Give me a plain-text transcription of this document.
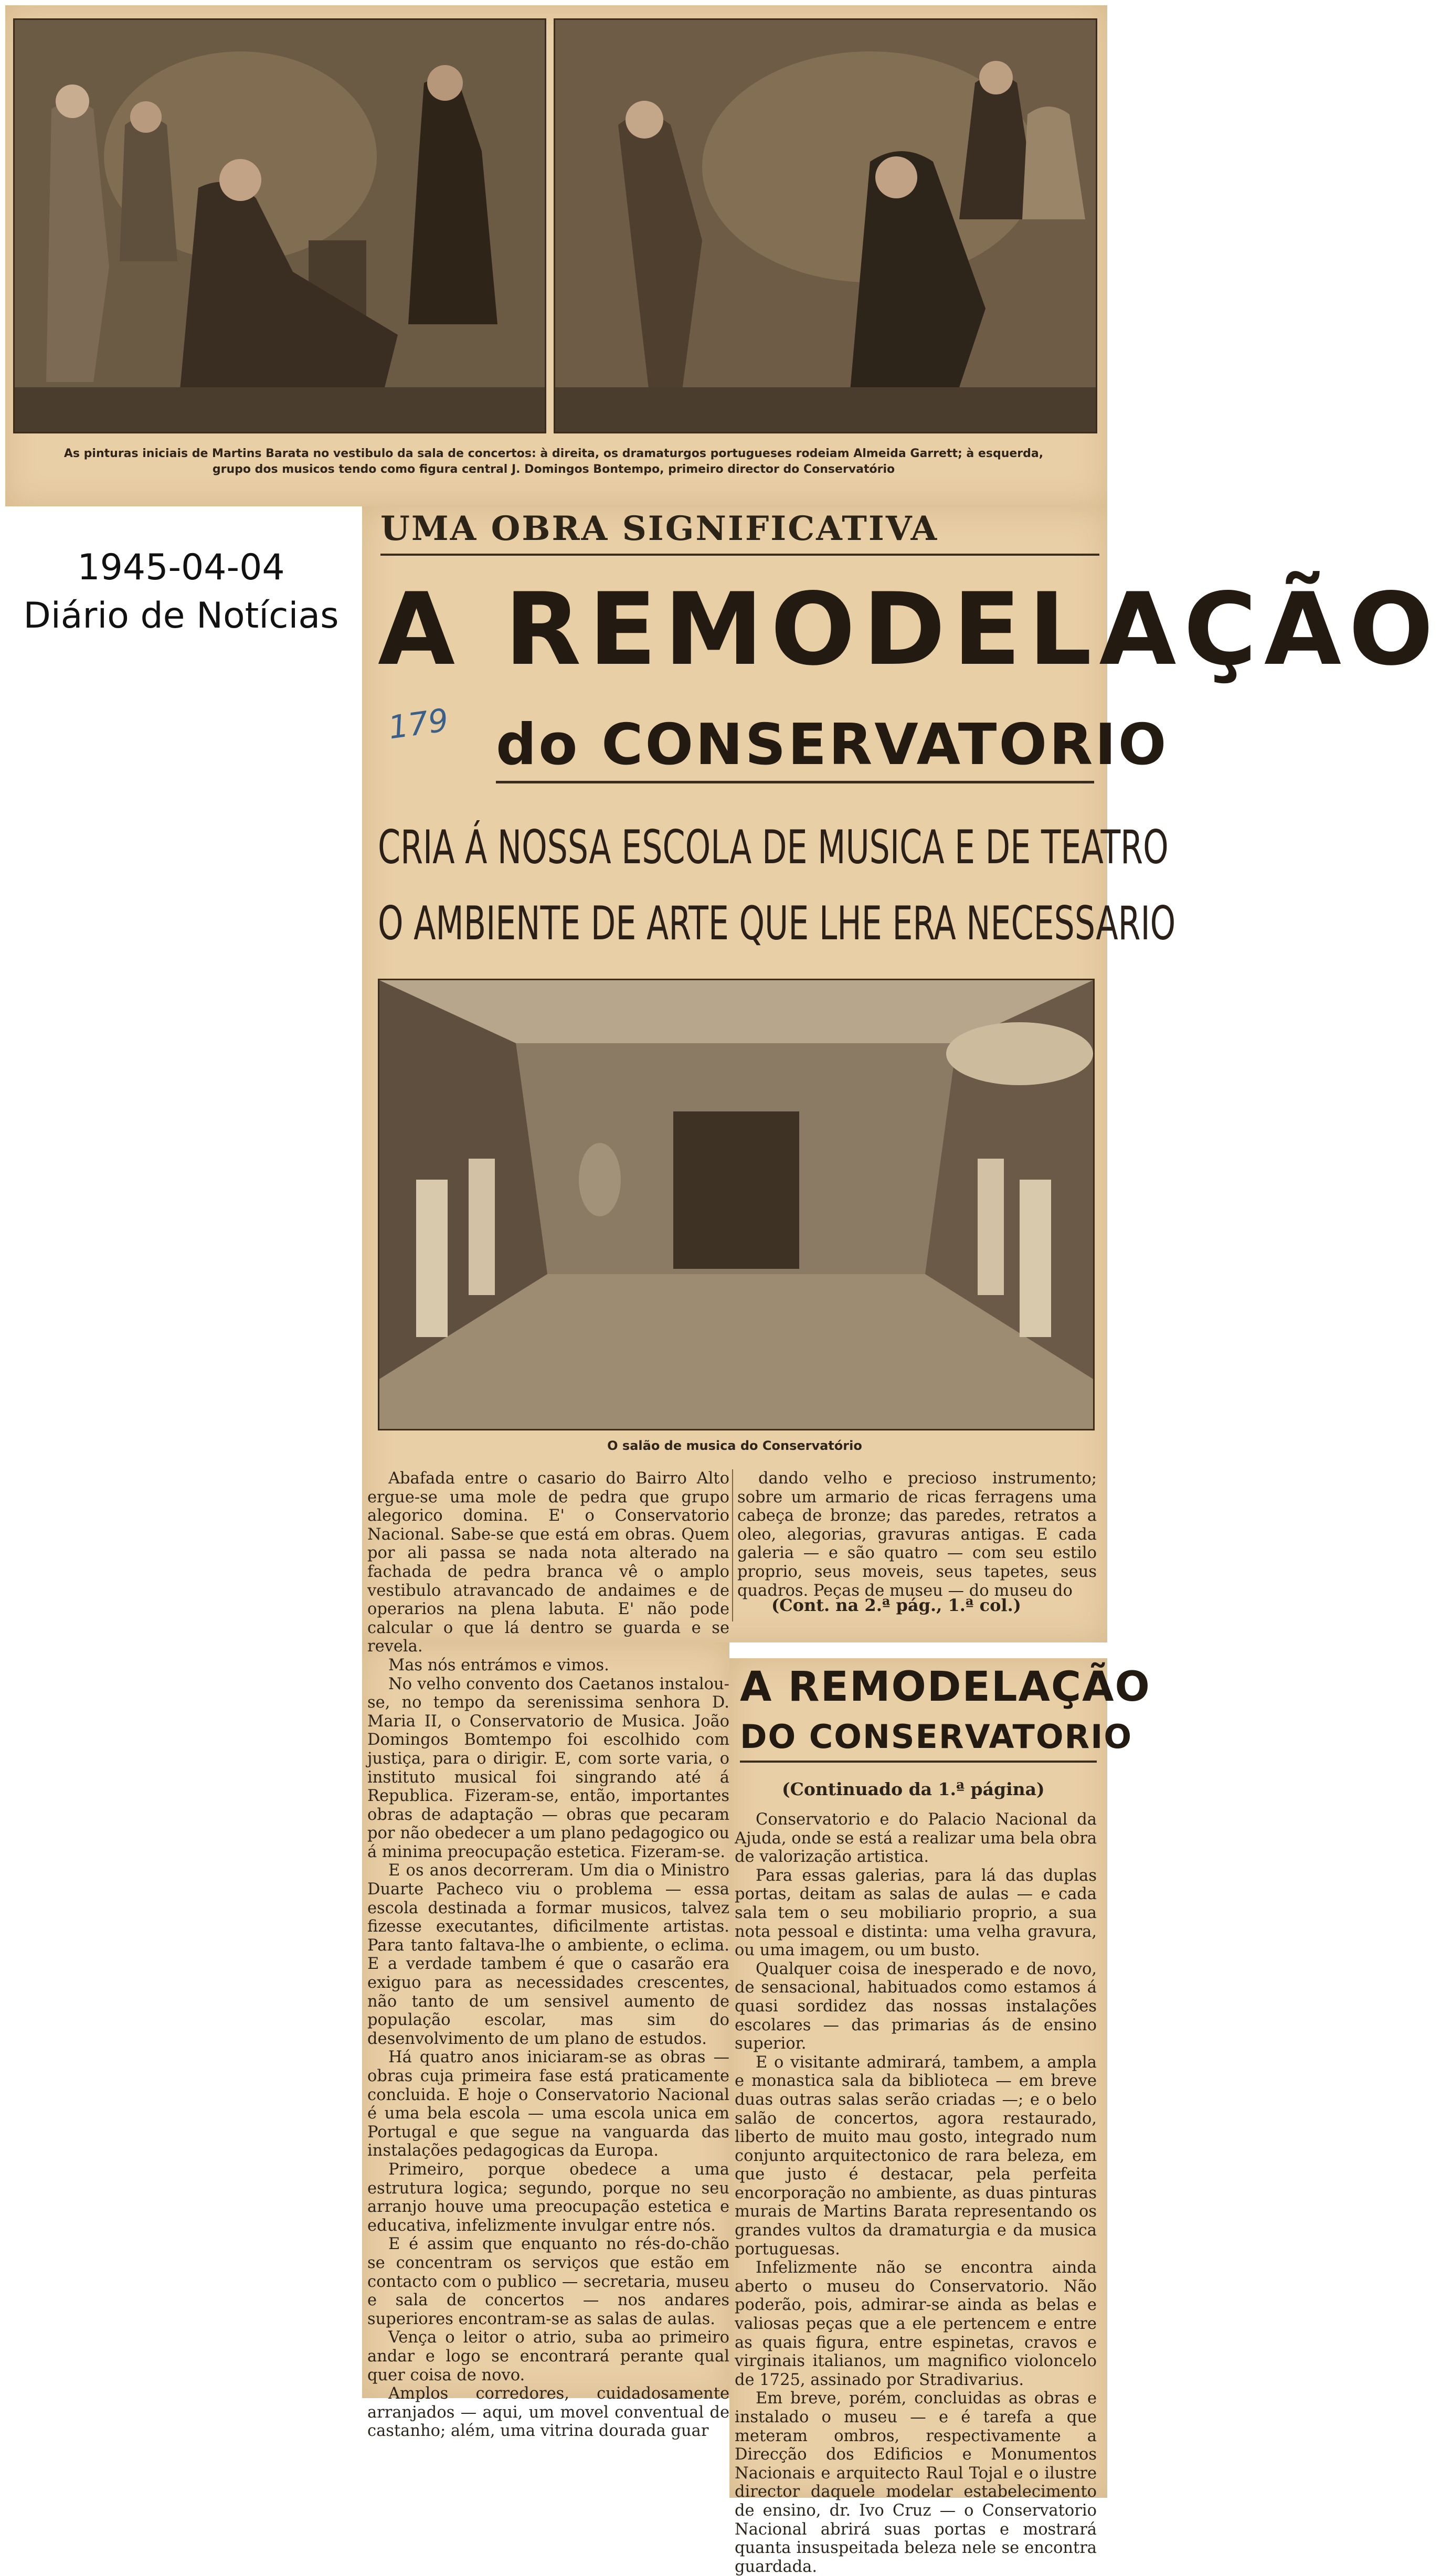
As pinturas iniciais de Martins Barata no vestibulo da sala de concertos: à direita, os dramaturgos portugueses rodeiam Almeida Garrett; à esquerda, grupo dos musicos tendo como figura central J. Domingos Bontempo, primeiro director do Conservatório
1945-04-04
Diário de Notícias
UMA OBRA SIGNIFICATIVA
A REMODELAÇÃO
179 do CONSERVATORIO
CRIA Á NOSSA ESCOLA DE MUSICA E DE TEATRO
O AMBIENTE DE ARTE QUE LHE ERA NECESSARIO
O salão de musica do Conservatório

Abafada entre o casario do Bairro Alto ergue-se uma mole de pedra que grupo alegorico domina. E' o Conservatorio Nacional. Sabe-se que está em obras. Quem por ali passa se nada nota alterado na fachada de pedra branca vê o amplo vestibulo atravancado de andaimes e de operarios na plena labuta. E' não pode calcular o que lá dentro se guarda e se revela.

Mas nós entrámos e vimos.

No velho convento dos Caetanos instalou-se, no tempo da serenissima senhora D. Maria II, o Conservatorio de Musica. João Domingos Bomtempo foi escolhido com justiça, para o dirigir. E, com sorte varia, o instituto musical foi singrando até á Republica. Fizeram-se, então, importantes obras de adaptação — obras que pecaram por não obedecer a um plano pedagogico ou á minima preocupação estetica. Fizeram-se.

E os anos decorreram. Um dia o Ministro Duarte Pacheco viu o problema — essa escola destinada a formar musicos, talvez fizesse executantes, dificilmente artistas. Para tanto faltava-lhe o ambiente, o eclima. E a verdade tambem é que o casarão era exiguo para as necessidades crescentes, não tanto de um sensivel aumento de população escolar, mas sim do desenvolvimento de um plano de estudos.

Há quatro anos iniciaram-se as obras — obras cuja primeira fase está praticamente concluida. E hoje o Conservatorio Nacional é uma bela escola — uma escola unica em Portugal e que segue na vanguarda das instalações pedagogicas da Europa.

Primeiro, porque obedece a uma estrutura logica; segundo, porque no seu arranjo houve uma preocupação estetica e educativa, infelizmente invulgar entre nós.

E é assim que enquanto no rés-do-chão se concentram os serviços que estão em contacto com o publico — secretaria, museu e sala de concertos — nos andares superiores encontram-se as salas de aulas.

Vença o leitor o atrio, suba ao primeiro andar e logo se encontrará perante qual quer coisa de novo.

Amplos corredores, cuidadosamente arranjados — aqui, um movel conventual de castanho; além, uma vitrina dourada guar

dando velho e precioso instrumento; sobre um armario de ricas ferragens uma cabeça de bronze; das paredes, retratos a oleo, alegorias, gravuras antigas. E cada galeria — e são quatro — com seu estilo proprio, seus moveis, seus tapetes, seus quadros. Peças de museu — do museu do

(Cont. na 2.ª pág., 1.ª col.)
A REMODELAÇÃO
DO CONSERVATORIO
(Continuado da 1.ª página)

Conservatorio e do Palacio Nacional da Ajuda, onde se está a realizar uma bela obra de valorização artistica.

Para essas galerias, para lá das duplas portas, deitam as salas de aulas — e cada sala tem o seu mobiliario proprio, a sua nota pessoal e distinta: uma velha gravura, ou uma imagem, ou um busto.

Qualquer coisa de inesperado e de novo, de sensacional, habituados como estamos á quasi sordidez das nossas instalações escolares — das primarias ás de ensino superior.

E o visitante admirará, tambem, a ampla e monastica sala da biblioteca — em breve duas outras salas serão criadas —; e o belo salão de concertos, agora restaurado, liberto de muito mau gosto, integrado num conjunto arquitectonico de rara beleza, em que justo é destacar, pela perfeita encorporação no ambiente, as duas pinturas murais de Martins Barata representando os grandes vultos da dramaturgia e da musica portuguesas.

Infelizmente não se encontra ainda aberto o museu do Conservatorio. Não poderão, pois, admirar-se ainda as belas e valiosas peças que a ele pertencem e entre as quais figura, entre espinetas, cravos e virginais italianos, um magnifico violoncelo de 1725, assinado por Stradivarius.

Em breve, porém, concluidas as obras e instalado o museu — e é tarefa a que meteram ombros, respectivamente a Direcção dos Edificios e Monumentos Nacionais e arquitecto Raul Tojal e o ilustre director daquele modelar estabelecimento de ensino, dr. Ivo Cruz — o Conservatorio Nacional abrirá suas portas e mostrará quanta insuspeitada beleza nele se encontra guardada.
